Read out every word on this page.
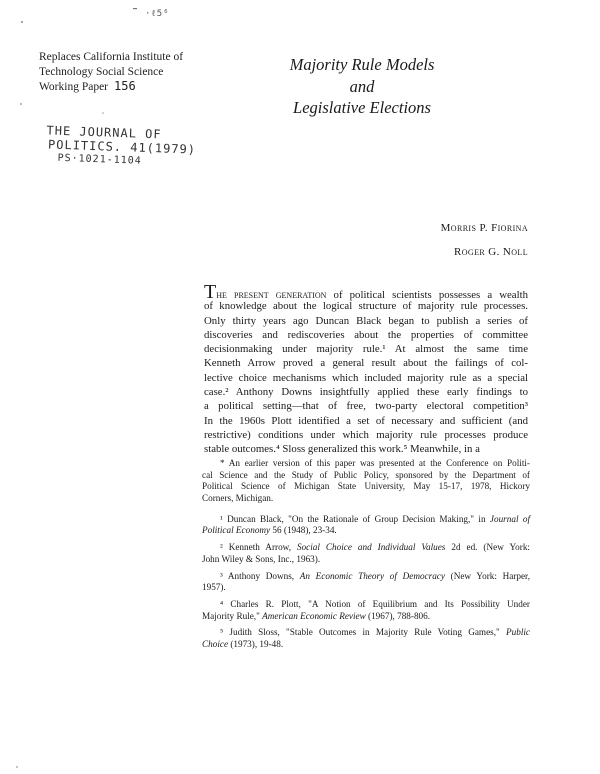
·ℓ5⁶
Replaces California Institute of
Technology Social Science
Working Paper 156
Majority Rule Models
and
Legislative Elections
THE JOURNAL OF
POLITICS. 41(1979)
PS·1021-1104
Morris P. Fiorina
Roger G. Noll
The present generation of political scientists possesses a wealth
of knowledge about the logical structure of majority rule processes.
Only thirty years ago Duncan Black began to publish a series of
discoveries and rediscoveries about the properties of committee
decisionmaking under majority rule.¹ At almost the same time
Kenneth Arrow proved a general result about the failings of col-
lective choice mechanisms which included majority rule as a special
case.² Anthony Downs insightfully applied these early findings to
a political setting—that of free, two-party electoral competition³
In the 1960s Plott identified a set of necessary and sufficient (and
restrictive) conditions under which majority rule processes produce
stable outcomes.⁴ Sloss generalized this work.⁵ Meanwhile, in a
* An earlier version of this paper was presented at the Conference on Politi-
cal Science and the Study of Public Policy, sponsored by the Department of
Political Science of Michigan State University, May 15-17, 1978, Hickory
Corners, Michigan.
¹ Duncan Black, "On the Rationale of Group Decision Making," in Journal of
Political Economy 56 (1948), 23-34.
² Kenneth Arrow, Social Choice and Individual Values 2d ed. (New York:
John Wiley & Sons, Inc., 1963).
³ Anthony Downs, An Economic Theory of Democracy (New York: Harper,
1957).
⁴ Charles R. Plott, "A Notion of Equilibrium and Its Possibility Under
Majority Rule," American Economic Review (1967), 788-806.
⁵ Judith Sloss, "Stable Outcomes in Majority Rule Voting Games," Public
Choice (1973), 19-48.
